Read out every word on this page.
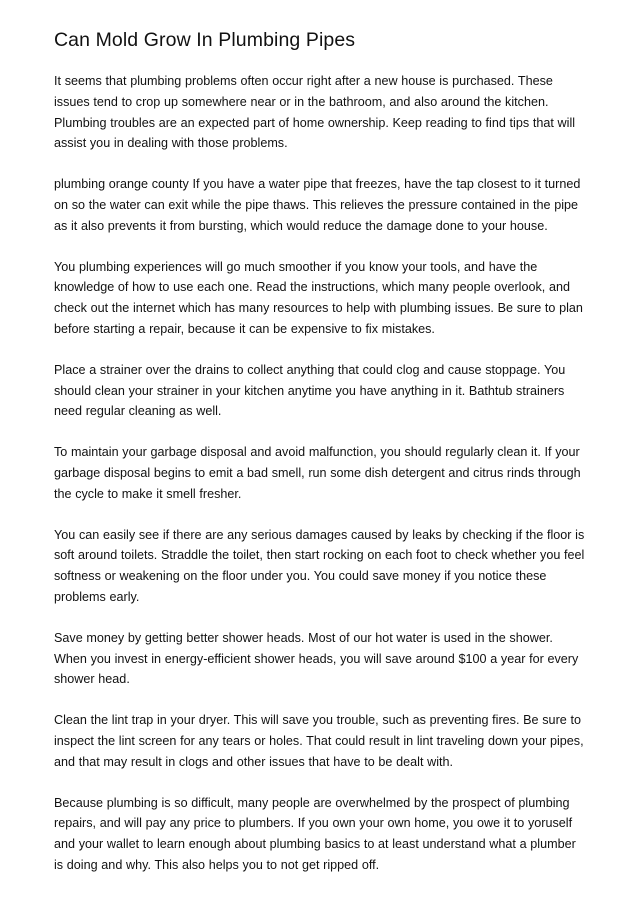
Can Mold Grow In Plumbing Pipes

It seems that plumbing problems often occur right after a new house is purchased. These issues tend to crop up somewhere near or in the bathroom, and also around the kitchen. Plumbing troubles are an expected part of home ownership. Keep reading to find tips that will assist you in dealing with those problems.

plumbing orange county If you have a water pipe that freezes, have the tap closest to it turned on so the water can exit while the pipe thaws. This relieves the pressure contained in the pipe as it also prevents it from bursting, which would reduce the damage done to your house.

You plumbing experiences will go much smoother if you know your tools, and have the knowledge of how to use each one. Read the instructions, which many people overlook, and check out the internet which has many resources to help with plumbing issues. Be sure to plan before starting a repair, because it can be expensive to fix mistakes.

Place a strainer over the drains to collect anything that could clog and cause stoppage. You should clean your strainer in your kitchen anytime you have anything in it. Bathtub strainers need regular cleaning as well.

To maintain your garbage disposal and avoid malfunction, you should regularly clean it. If your garbage disposal begins to emit a bad smell, run some dish detergent and citrus rinds through the cycle to make it smell fresher.

You can easily see if there are any serious damages caused by leaks by checking if the floor is soft around toilets. Straddle the toilet, then start rocking on each foot to check whether you feel softness or weakening on the floor under you. You could save money if you notice these problems early.

Save money by getting better shower heads. Most of our hot water is used in the shower. When you invest in energy-efficient shower heads, you will save around $100 a year for every shower head.

Clean the lint trap in your dryer. This will save you trouble, such as preventing fires. Be sure to inspect the lint screen for any tears or holes. That could result in lint traveling down your pipes, and that may result in clogs and other issues that have to be dealt with.

Because plumbing is so difficult, many people are overwhelmed by the prospect of plumbing repairs, and will pay any price to plumbers. If you own your own home, you owe it to yoruself and your wallet to learn enough about plumbing basics to at least understand what a plumber is doing and why. This also helps you to not get ripped off.
